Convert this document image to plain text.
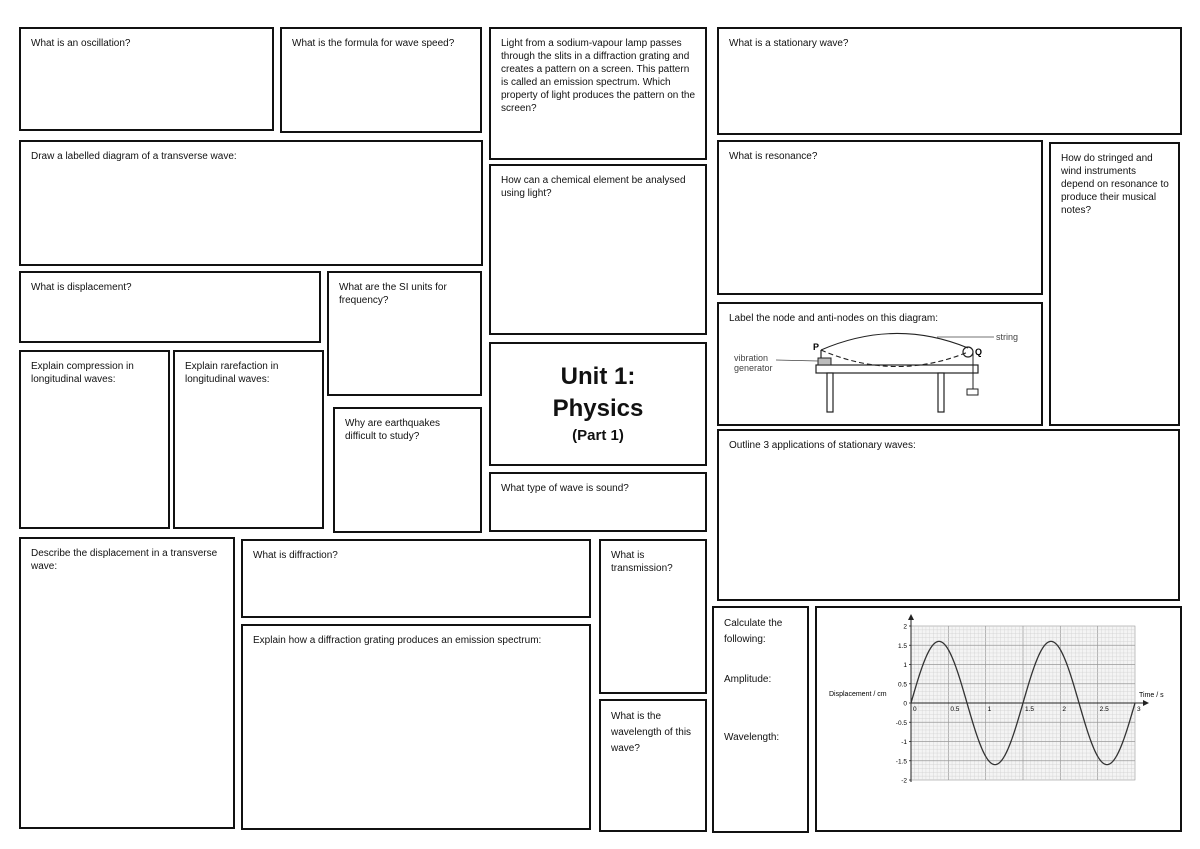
What is an oscillation?	What is the formula for wave speed?	Light from a sodium-vapour lamp passes through the slits in a diffraction grating and creates a pattern on a screen. This pattern is called an emission spectrum. Which property of light produces the pattern on the screen?

What is a stationary wave?

Draw a labelled diagram of a transverse wave:

How can a chemical element be analysed using light?

What is resonance?	How do stringed and wind instruments depend on resonance to produce their musical notes?

What is displacement?	What are the SI units for frequency?

Label the node and anti-nodes on this diagram:

string
P	Q
vibration
generator

Explain compression in longitudinal waves:

Explain rarefaction in longitudinal waves:	Unit 1:
Physics
(Part 1)

Why are earthquakes difficult to study?

Outline 3 applications of stationary waves:

What type of wave is sound?

Describe the displacement in a transverse wave:

What is diffraction?	What is transmission?

Explain how a diffraction grating produces an emission spectrum:

What is the wavelength of this wave?

Calculate the following:
Amplitude:
Wavelength:
2
1.5
1
0.5
0
-0.5
-1
-1.5
-2
0	0.5	1	1.5	2	2.5	3
Displacement / cm	Time / s
